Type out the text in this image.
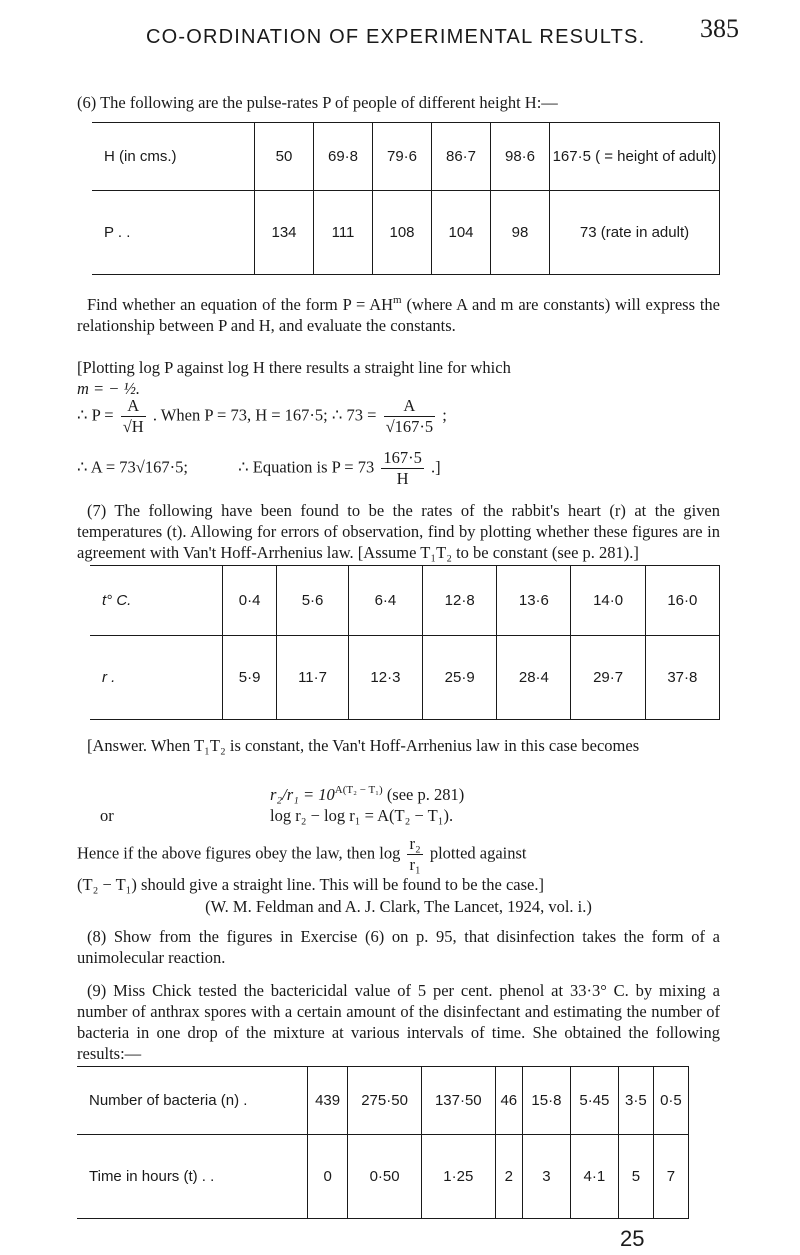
CO-ORDINATION OF EXPERIMENTAL RESULTS. 385
(6) The following are the pulse-rates P of people of different height H:—
H (in cms.)	50	69·8	79·6	86·7	98·6	167·5 ( = height of adult)
P . .	134	111	108	104	98	73 (rate in adult)
Find whether an equation of the form $P = AH^m$ (where A and m are constants) will express the relationship between P and H, and evaluate the constants.
[Plotting log P against log H there results a straight line for which
m = − ½.
∴ $P = \frac{A}{√H}$ . When P = 73, H = 167·5; ∴ $73 = \frac{A}{√167\cdot 5}$ ;
∴ A = 73√167·5;	∴ Equation is $P = 73 \frac{167\cdot 5}{H}$ .]
(7) The following have been found to be the rates of the rabbit's heart (r) at the given temperatures (t). Allowing for errors of observation, find by plotting whether these figures are in agreement with Van't Hoff-Arrhenius law. [Assume T₁T₂ to be constant (see p. 281).]
t° C.	0·4	5·6	6·4	12·8	13·6	14·0	16·0
r .	5·9	11·7	12·3	25·9	28·4	29·7	37·8
[Answer. When T₁T₂ is constant, the Van't Hoff-Arrhenius law in this case becomes
$r_2/r_1 = 10^{A(T_2 - T_1)}$ (see p. 281)
or	log r₂ − log r₁ = A(T₂ − T₁).
Hence if the above figures obey the law, then $\log \frac{\text{r₂}}{\text{r₁}}$ plotted against
(T₂ − T₁) should give a straight line. This will be found to be the case.]
(W. M. Feldman and A. J. Clark, The Lancet, 1924, vol. i.)
(8) Show from the figures in Exercise (6) on p. 95, that disinfection takes the form of a unimolecular reaction.
(9) Miss Chick tested the bactericidal value of 5 per cent. phenol at 33·3° C. by mixing a number of anthrax spores with a certain amount of the disinfectant and estimating the number of bacteria in one drop of the mixture at various intervals of time. She obtained the following results:—
Number of bacteria (n) .	439	275·50	137·50	46	15·8	5·45	3·5	0·5
Time in hours (t) . .	0	0·50	1·25	2	3	4·1	5	7
25
